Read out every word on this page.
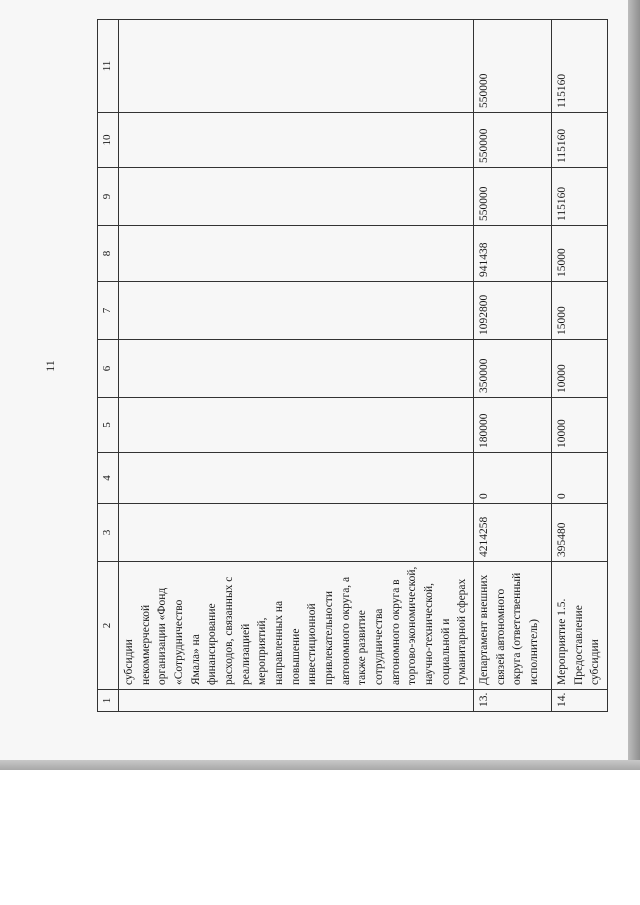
11
1	2	3	4	5	6	7	8	9	10	11
	субсидии некоммерческой организации «Фонд «Сотрудничество Ямала» на финансирование расходов, связанных с реализацией мероприятий, направленных на повышение инвестиционной привлекательности автономного округа, а также развитие сотрудничества автономного округа в торгово-экономической, научно-технической, социальной и гуманитарной сферах									
13.	Департамент внешних связей автономного округа (ответственный исполнитель)	4214258	0	180000	350000	1092800	941438	550000	550000	550000
14.	Мероприятие 1.5. Предоставление субсидии	395480	0	10000	10000	15000	15000	115160	115160	115160
